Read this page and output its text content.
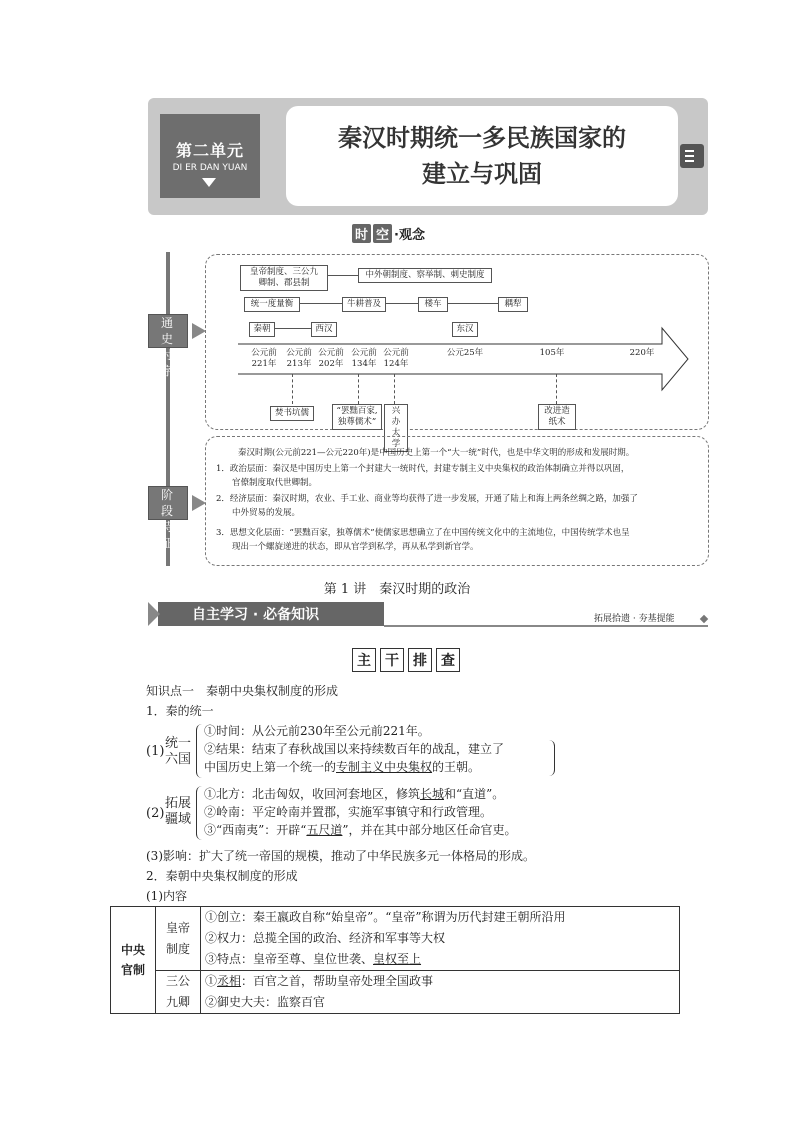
第二单元
DI ER DAN YUAN
秦汉时期统一多民族国家的
建立与巩固
时 空 ·观念
通 史
时 序
阶 段
特 征
皇帝制度、三公九
卿制、郡县制
中外朝制度、察举制、刺史制度
统一度量衡	牛耕普及	楼车	耦犁
秦朝	西汉	东汉
公元前
221年
公元前
213年
公元前
202年
公元前
134年
公元前
124年
公元25年	105年	220年
焚书坑儒	“罢黜百家,
独尊儒术”
兴办
太学
改进造
纸术
秦汉时期(公元前221—公元220年)是中国历史上第一个“大一统”时代，也是中华文明的形成和发展时期。
1．政治层面：秦汉是中国历史上第一个封建大一统时代，封建专制主义中央集权的政治体制确立并得以巩固，
官僚制度取代世卿制。
2．经济层面：秦汉时期，农业、手工业、商业等均获得了进一步发展，开通了陆上和海上两条丝绸之路，加强了
中外贸易的发展。
3．思想文化层面：“罢黜百家，独尊儒术”使儒家思想确立了在中国传统文化中的主流地位，中国传统学术也呈
现出一个螺旋递进的状态，即从官学到私学，再从私学到新官学。
第 1 讲　秦汉时期的政治
自主学习 · 必备知识	拓展拾遗 · 夯基提能
主 干 排 查
知识点一　秦朝中央集权制度的形成
1．秦的统一
(1)
统一
六国
①时间：从公元前230年至公元前221年。
②结果：结束了春秋战国以来持续数百年的战乱，建立了
中国历史上第一个统一的专制主义中央集权的王朝。
(2)
拓展
疆域
①北方：北击匈奴，收回河套地区，修筑长城和“直道”。
②岭南：平定岭南并置郡，实施军事镇守和行政管理。
③“西南夷”：开辟“五尺道”，并在其中部分地区任命官吏。
(3)影响：扩大了统一帝国的规模，推动了中华民族多元一体格局的形成。
2．秦朝中央集权制度的形成
(1)内容
中央官制	皇帝制度	①创立：秦王嬴政自称“始皇帝”。“皇帝”称谓为历代封建王朝所沿用
②权力：总揽全国的政治、经济和军事等大权
③特点：皇帝至尊、皇位世袭、皇权至上

	三公九卿	①丞相：百官之首，帮助皇帝处理全国政事
②御史大夫：监察百官
